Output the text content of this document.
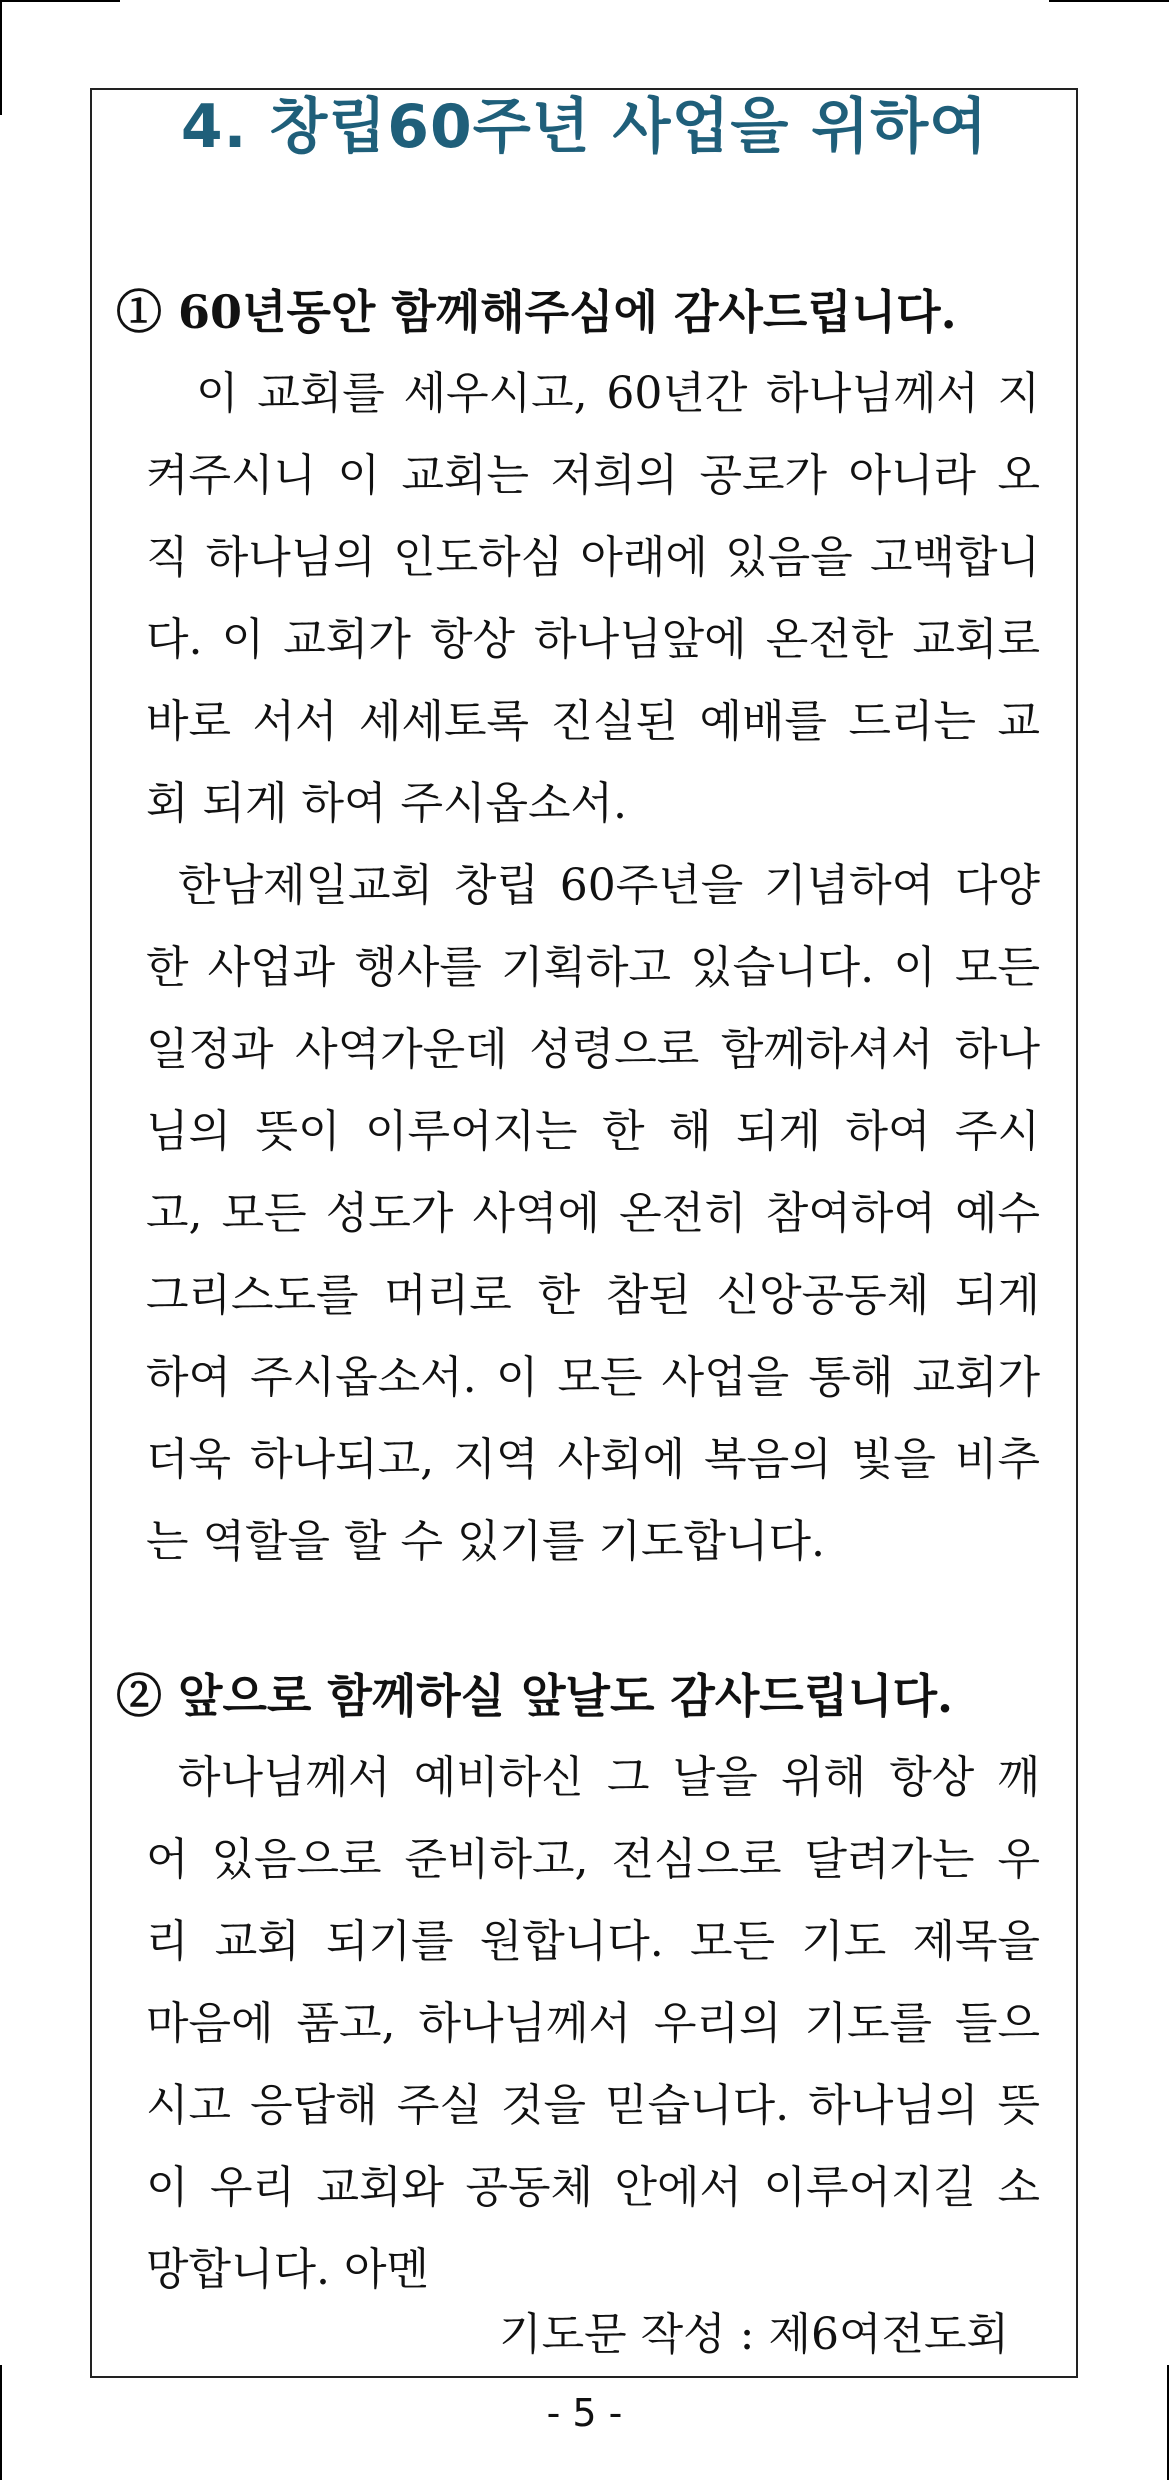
4. 창립60주년 사업을 위하여
① 60년동안 함께해주심에 감사드립니다.
이 교회를 세우시고, 60년간 하나님께서 지
켜주시니 이 교회는 저희의 공로가 아니라 오
직 하나님의 인도하심 아래에 있음을 고백합니
다. 이 교회가 항상 하나님앞에 온전한 교회로
바로 서서 세세토록 진실된 예배를 드리는 교
회 되게 하여 주시옵소서.
한남제일교회 창립 60주년을 기념하여 다양
한 사업과 행사를 기획하고 있습니다. 이 모든
일정과 사역가운데 성령으로 함께하셔서 하나
님의 뜻이 이루어지는 한 해 되게 하여 주시
고, 모든 성도가 사역에 온전히 참여하여 예수
그리스도를 머리로 한 참된 신앙공동체 되게
하여 주시옵소서. 이 모든 사업을 통해 교회가
더욱 하나되고, 지역 사회에 복음의 빛을 비추
는 역할을 할 수 있기를 기도합니다.
② 앞으로 함께하실 앞날도 감사드립니다.
하나님께서 예비하신 그 날을 위해 항상 깨
어 있음으로 준비하고, 전심으로 달려가는 우
리 교회 되기를 원합니다. 모든 기도 제목을
마음에 품고, 하나님께서 우리의 기도를 들으
시고 응답해 주실 것을 믿습니다. 하나님의 뜻
이 우리 교회와 공동체 안에서 이루어지길 소
망합니다. 아멘
기도문 작성 : 제6여전도회
- 5 -
